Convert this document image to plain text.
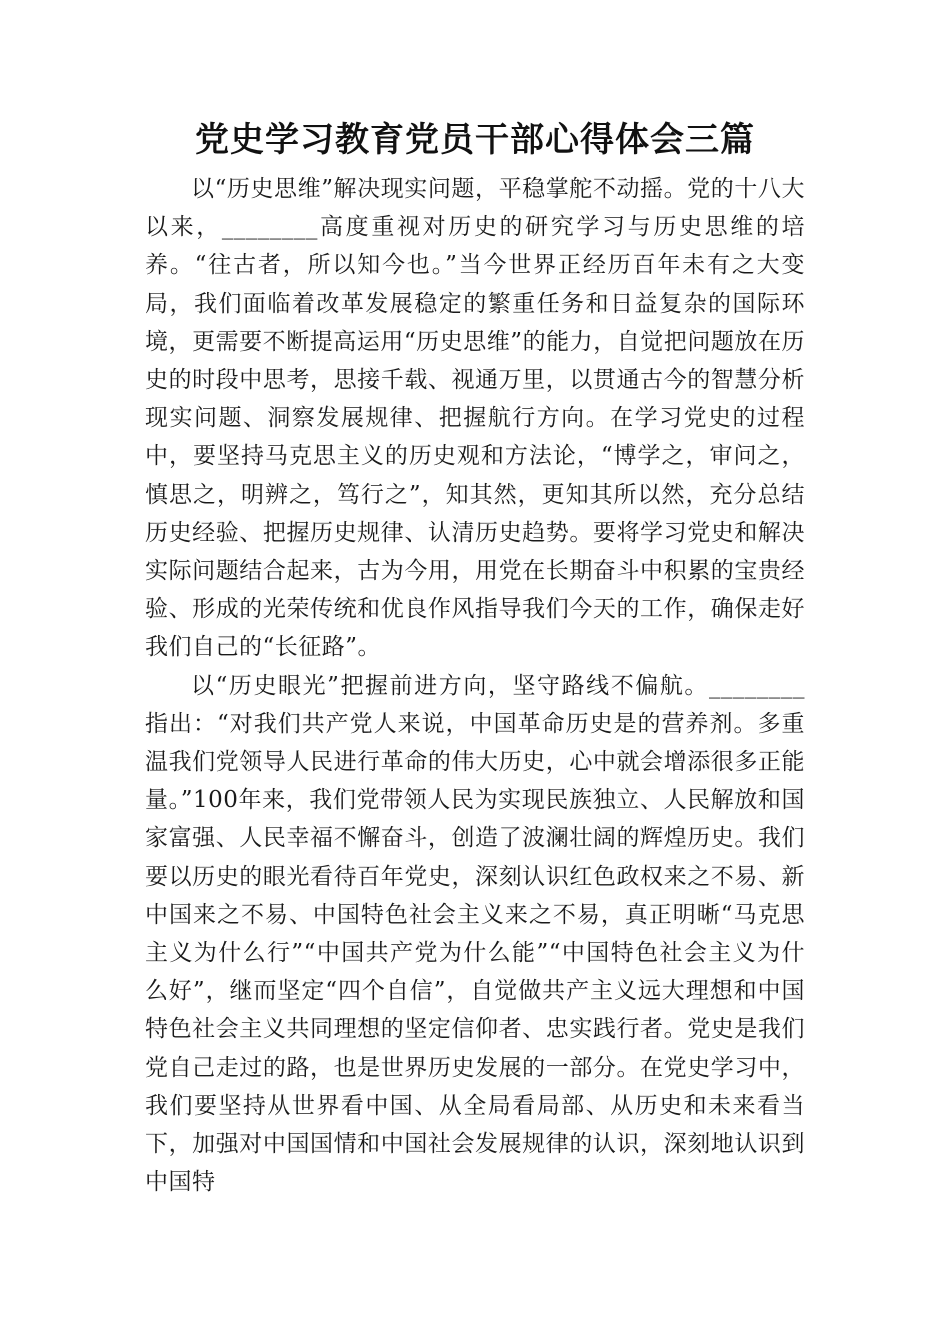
党史学习教育党员干部心得体会三篇

以“历史思维”解决现实问题，平稳掌舵不动摇。党的十八大以来，________高度重视对历史的研究学习与历史思维的培养。“往古者，所以知今也。”当今世界正经历百年未有之大变局，我们面临着改革发展稳定的繁重任务和日益复杂的国际环境，更需要不断提高运用“历史思维”的能力，自觉把问题放在历史的时段中思考，思接千载、视通万里，以贯通古今的智慧分析现实问题、洞察发展规律、把握航行方向。在学习党史的过程中，要坚持马克思主义的历史观和方法论，“博学之，审问之，慎思之，明辨之，笃行之”，知其然，更知其所以然，充分总结历史经验、把握历史规律、认清历史趋势。要将学习党史和解决实际问题结合起来，古为今用，用党在长期奋斗中积累的宝贵经验、形成的光荣传统和优良作风指导我们今天的工作，确保走好我们自己的“长征路”。

以“历史眼光”把握前进方向，坚守路线不偏航。________指出：“对我们共产党人来说，中国革命历史是的营养剂。多重温我们党领导人民进行革命的伟大历史，心中就会增添很多正能量。”100年来，我们党带领人民为实现民族独立、人民解放和国家富强、人民幸福不懈奋斗，创造了波澜壮阔的辉煌历史。我们要以历史的眼光看待百年党史，深刻认识红色政权来之不易、新中国来之不易、中国特色社会主义来之不易，真正明晰“马克思主义为什么行”“中国共产党为什么能”“中国特色社会主义为什么好”，继而坚定“四个自信”，自觉做共产主义远大理想和中国特色社会主义共同理想的坚定信仰者、忠实践行者。党史是我们党自己走过的路，也是世界历史发展的一部分。在党史学习中，我们要坚持从世界看中国、从全局看局部、从历史和未来看当下，加强对中国国情和中国社会发展规律的认识，深刻地认识到中国特
